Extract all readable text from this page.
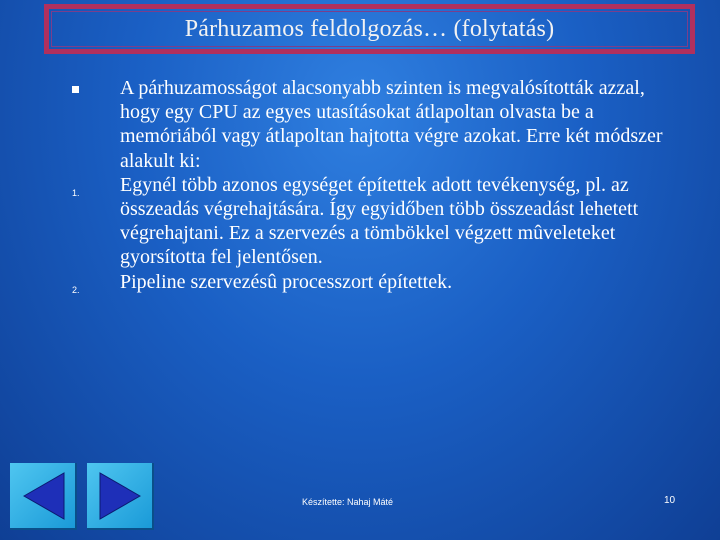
Párhuzamos feldolgozás… (folytatás)
A párhuzamosságot alacsonyabb szinten is megvalósították azzal, hogy egy CPU az egyes utasításokat átlapoltan olvasta be a memóriából vagy átlapoltan hajtotta végre azokat. Erre két módszer alakult ki:
1. Egynél több azonos egységet építettek adott tevékenység, pl. az összeadás végrehajtására. Így egyidőben több összeadást lehetett végrehajtani. Ez a szervezés a tömbökkel végzett mûveleteket gyorsította fel jelentősen.
2. Pipeline szervezésû processzort építettek.
Készítette: Nahaj Máté	10
